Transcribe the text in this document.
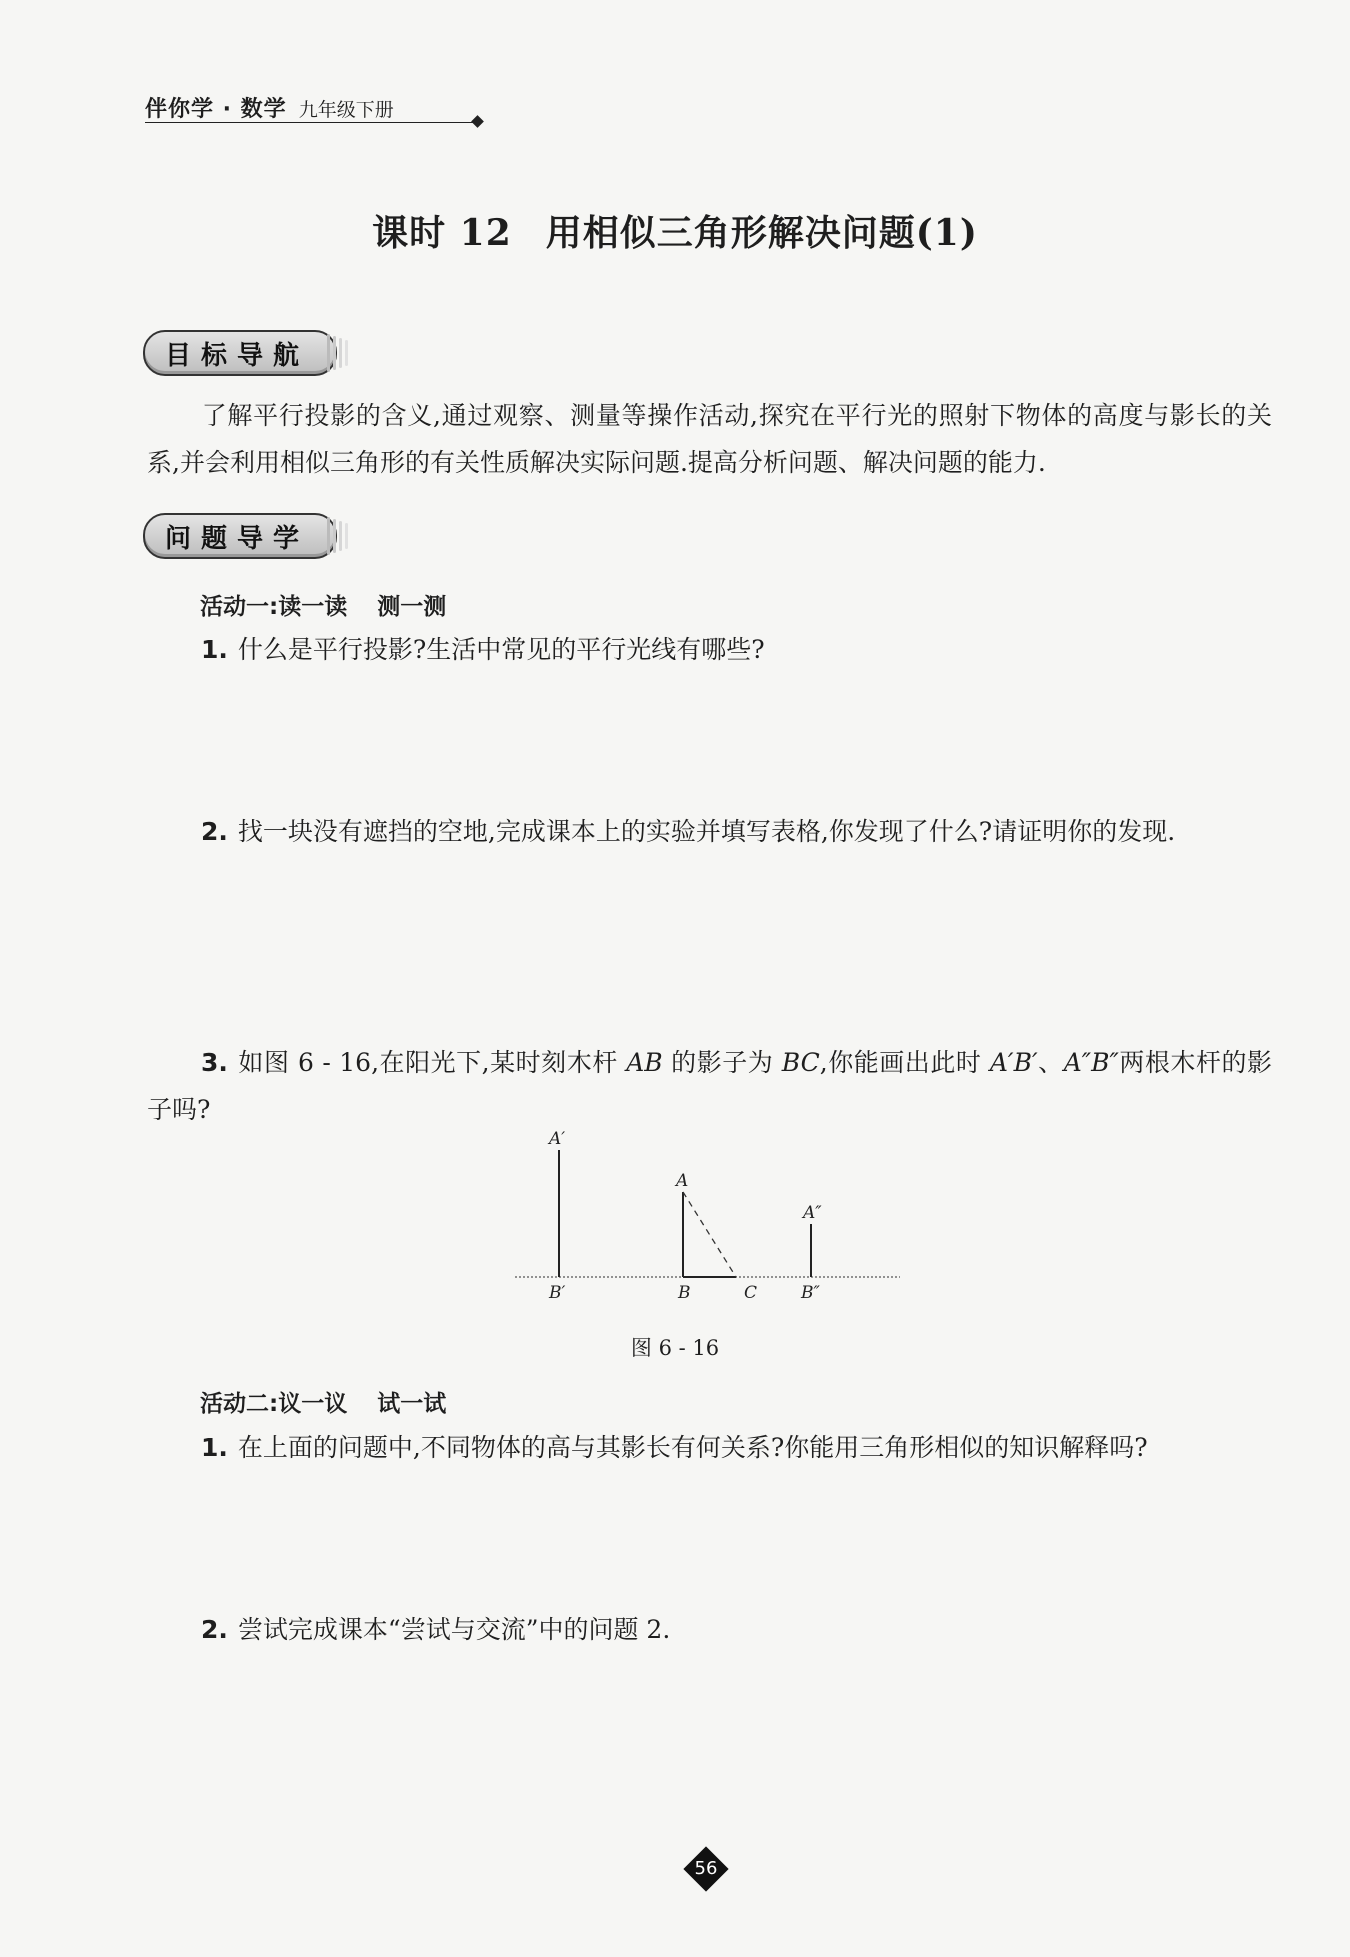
伴你学 · 数学 九年级下册
课时 12 用相似三角形解决问题(1)
目标导航
了解平行投影的含义,通过观察、测量等操作活动,探究在平行光的照射下物体的高度与影长的关系,并会利用相似三角形的有关性质解决实际问题.提高分析问题、解决问题的能力.
问题导学
活动一:读一读 测一测
1. 什么是平行投影?生活中常见的平行光线有哪些?
2. 找一块没有遮挡的空地,完成课本上的实验并填写表格,你发现了什么?请证明你的发现.
3. 如图 6 - 16,在阳光下,某时刻木杆 AB 的影子为 BC,你能画出此时 A′B′、A″B″两根木杆的影子吗?
A′
B′
A
B	C
A″
B″
图 6 - 16
活动二:议一议 试一试
1. 在上面的问题中,不同物体的高与其影长有何关系?你能用三角形相似的知识解释吗?
2. 尝试完成课本“尝试与交流”中的问题 2.
56
